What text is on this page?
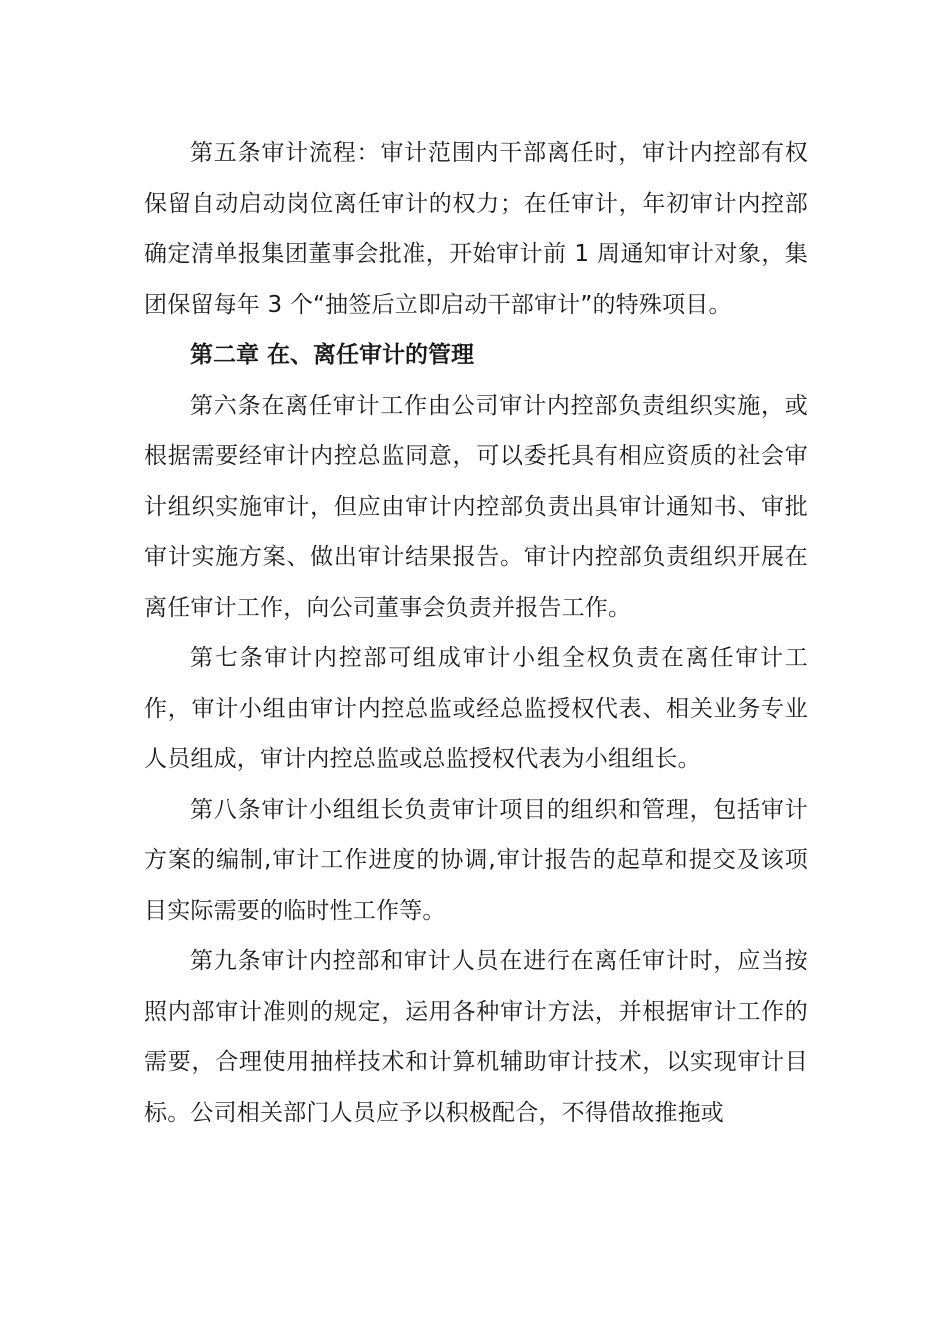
第五条审计流程：审计范围内干部离任时，审计内控部有权保留自动启动岗位离任审计的权力；在任审计，年初审计内控部确定清单报集团董事会批准，开始审计前 1 周通知审计对象，集团保留每年 3 个“抽签后立即启动干部审计”的特殊项目。

第二章 在、离任审计的管理

第六条在离任审计工作由公司审计内控部负责组织实施，或根据需要经审计内控总监同意，可以委托具有相应资质的社会审计组织实施审计，但应由审计内控部负责出具审计通知书、审批审计实施方案、做出审计结果报告。审计内控部负责组织开展在离任审计工作，向公司董事会负责并报告工作。

第七条审计内控部可组成审计小组全权负责在离任审计工作，审计小组由审计内控总监或经总监授权代表、相关业务专业人员组成，审计内控总监或总监授权代表为小组组长。

第八条审计小组组长负责审计项目的组织和管理，包括审计方案的编制,审计工作进度的协调,审计报告的起草和提交及该项目实际需要的临时性工作等。

第九条审计内控部和审计人员在进行在离任审计时，应当按照内部审计准则的规定，运用各种审计方法，并根据审计工作的需要，合理使用抽样技术和计算机辅助审计技术，以实现审计目标。公司相关部门人员应予以积极配合，不得借故推拖或
